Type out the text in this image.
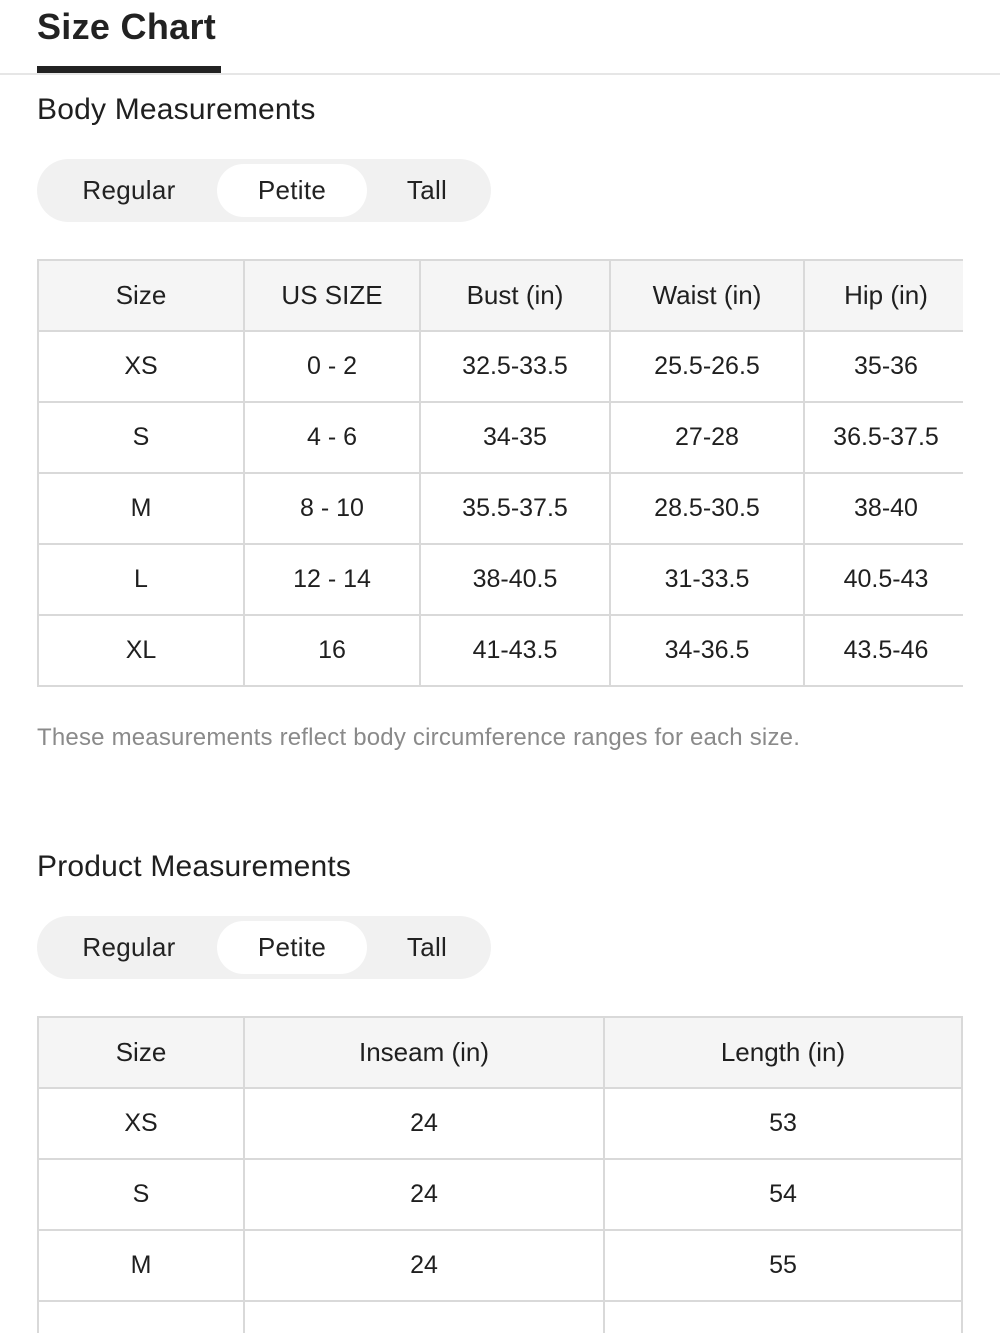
Size Chart
Body Measurements
Regular	Petite	Tall
Size	US SIZE	Bust (in)	Waist (in)	Hip (in)
XS	0 - 2	32.5-33.5	25.5-26.5	35-36
S	4 - 6	34-35	27-28	36.5-37.5
M	8 - 10	35.5-37.5	28.5-30.5	38-40
L	12 - 14	38-40.5	31-33.5	40.5-43
XL	16	41-43.5	34-36.5	43.5-46
These measurements reflect body circumference ranges for each size.
Product Measurements
Regular	Petite	Tall
Size	Inseam (in)	Length (in)
XS	24	53
S	24	54
M	24	55
